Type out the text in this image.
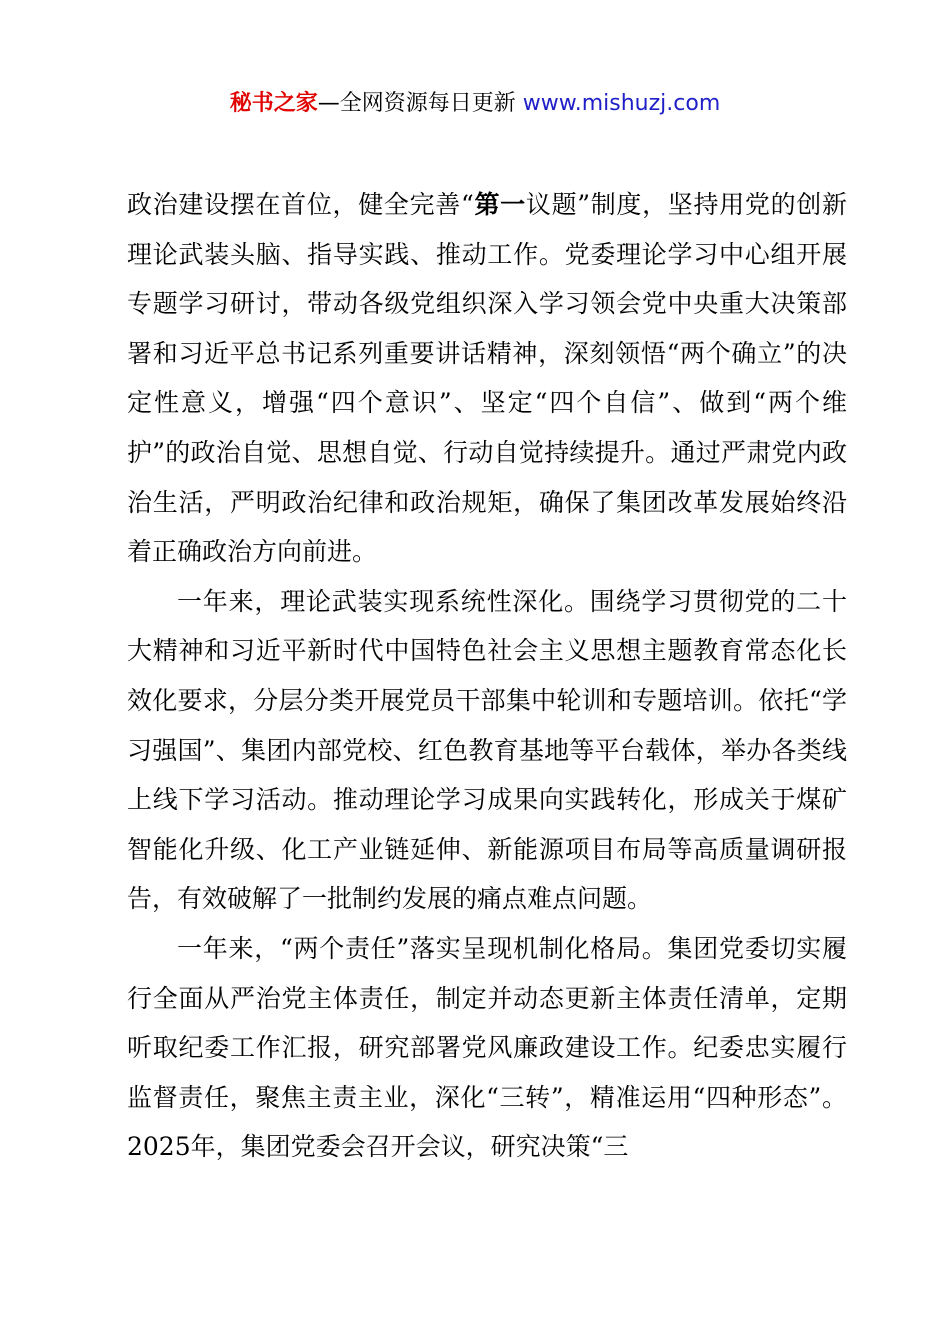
秘书之家—全网资源每日更新 www.mishuzj.com

政治建设摆在首位，健全完善“第一议题”制度，坚持用党的创新理论武装头脑、指导实践、推动工作。党委理论学习中心组开展专题学习研讨，带动各级党组织深入学习领会党中央重大决策部署和习近平总书记系列重要讲话精神，深刻领悟“两个确立”的决定性意义，增强“四个意识”、坚定“四个自信”、做到“两个维护”的政治自觉、思想自觉、行动自觉持续提升。通过严肃党内政治生活，严明政治纪律和政治规矩，确保了集团改革发展始终沿着正确政治方向前进。

一年来，理论武装实现系统性深化。围绕学习贯彻党的二十大精神和习近平新时代中国特色社会主义思想主题教育常态化长效化要求，分层分类开展党员干部集中轮训和专题培训。依托“学习强国”、集团内部党校、红色教育基地等平台载体，举办各类线上线下学习活动。推动理论学习成果向实践转化，形成关于煤矿智能化升级、化工产业链延伸、新能源项目布局等高质量调研报告，有效破解了一批制约发展的痛点难点问题。

一年来，“两个责任”落实呈现机制化格局。集团党委切实履行全面从严治党主体责任，制定并动态更新主体责任清单，定期听取纪委工作汇报，研究部署党风廉政建设工作。纪委忠实履行监督责任，聚焦主责主业，深化“三转”，精准运用“四种形态”。2025年，集团党委会召开会议，研究决策“三
